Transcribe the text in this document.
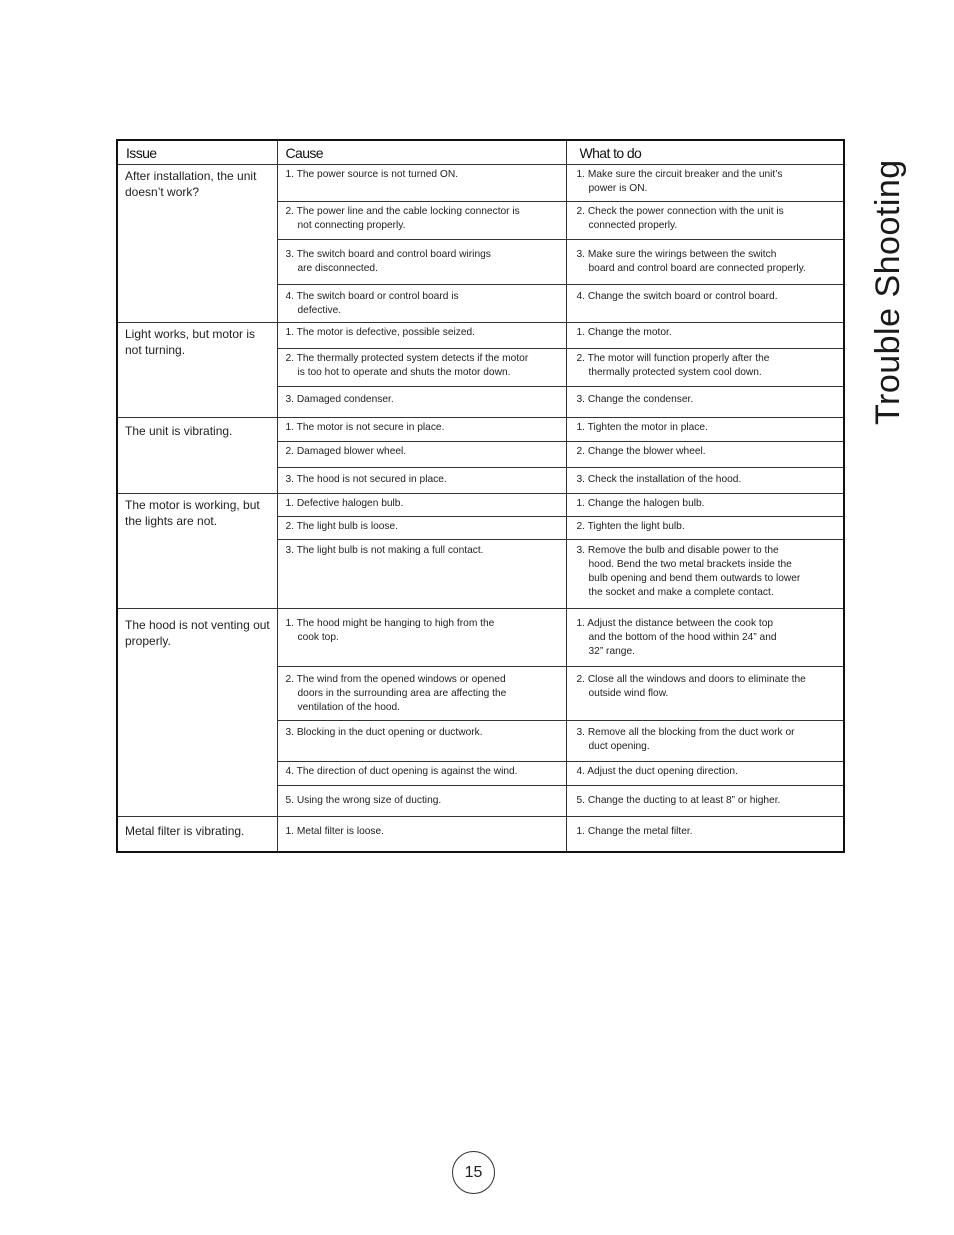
Issue	Cause	What to do
After installation, the unit doesn’t work?	1. The power source is not turned ON.	1. Make sure the circuit breaker and the unit’s
power is ON.

	2. The power line and the cable locking connector is
not connecting properly.	2. Check the power connection with the unit is
connected properly.

	3. The switch board and control board wirings
are disconnected.	3. Make sure the wirings between the switch
board and control board are connected properly.

	4. The switch board or control board is
defective.	4. Change the switch board or control board.

Light works, but motor is not turning.	1. The motor is defective, possible seized.	1. Change the motor.

	2. The thermally protected system detects if the motor
is too hot to operate and shuts the motor down.	2. The motor will function properly after the
thermally protected system cool down.

	3. Damaged condenser.	3. Change the condenser.

The unit is vibrating.	1. The motor is not secure in place.	1. Tighten the motor in place.

	2. Damaged blower wheel.	2. Change the blower wheel.

	3. The hood is not secured in place.	3. Check the installation of the hood.

The motor is working, but the lights are not.	1. Defective halogen bulb.	1. Change the halogen bulb.

	2. The light bulb is loose.	2. Tighten the light bulb.

	3. The light bulb is not making a full contact.	3. Remove the bulb and disable power to the
hood. Bend the two metal brackets inside the
bulb opening and bend them outwards to lower
the socket and make a complete contact.

The hood is not venting out properly.	1. The hood might be hanging to high from the
cook top.	1. Adjust the distance between the cook top
and the bottom of the hood within 24” and
32” range.

	2. The wind from the opened windows or opened
doors in the surrounding area are affecting the
ventilation of the hood.	2. Close all the windows and doors to eliminate the
outside wind flow.

	3. Blocking in the duct opening or ductwork.	3. Remove all the blocking from the duct work or
duct opening.

	4. The direction of duct opening is against the wind.	4. Adjust the duct opening direction.

	5. Using the wrong size of ducting.	5. Change the ducting to at least 8” or higher.

Metal filter is vibrating.	1. Metal filter is loose.	1. Change the metal filter.
Trouble Shooting
15
